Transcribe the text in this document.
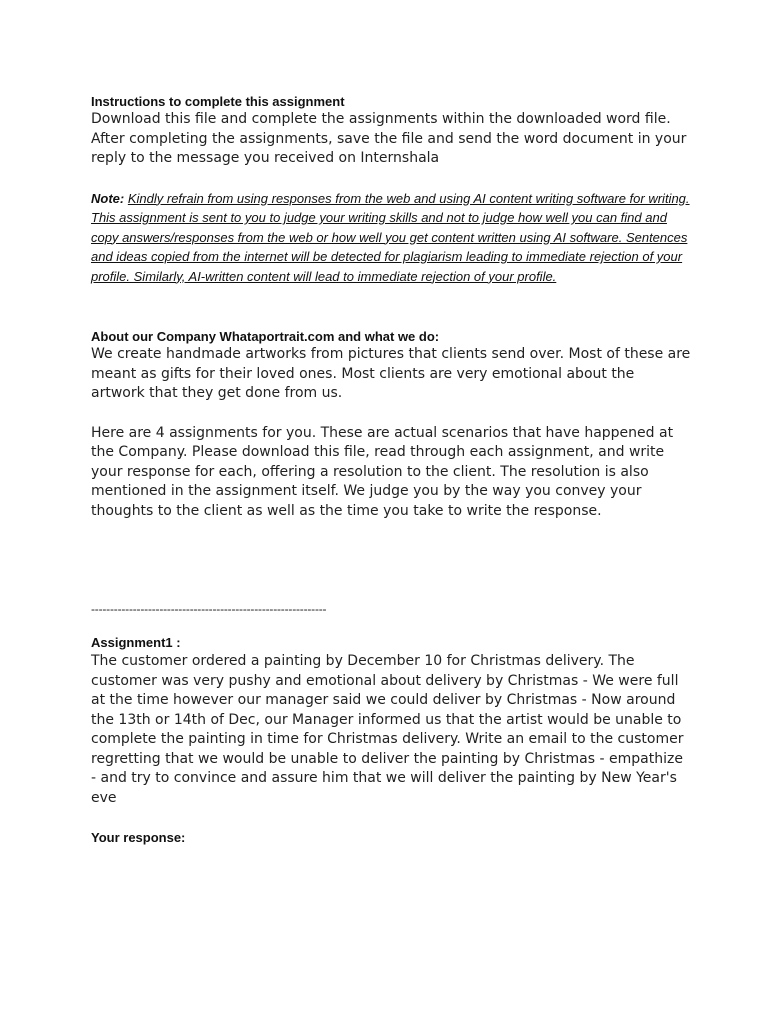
Instructions to complete this assignment

Download this file and complete the assignments within the downloaded word file. After completing the assignments, save the file and send the word document in your reply to the message you received on Internshala

Note: Kindly refrain from using responses from the web and using AI content writing software for writing. This assignment is sent to you to judge your writing skills and not to judge how well you can find and copy answers/responses from the web or how well you get content written using AI software. Sentences and ideas copied from the internet will be detected for plagiarism leading to immediate rejection of your profile. Similarly, AI-written content will lead to immediate rejection of your profile.

About our Company Whataportrait.com and what we do:

We create handmade artworks from pictures that clients send over. Most of these are meant as gifts for their loved ones. Most clients are very emotional about the artwork that they get done from us.

Here are 4 assignments for you. These are actual scenarios that have happened at the Company. Please download this file, read through each assignment, and write your response for each, offering a resolution to the client. The resolution is also mentioned in the assignment itself. We judge you by the way you convey your thoughts to the client as well as the time you take to write the response.

--------------------------------------------------------------

Assignment1 :

The customer ordered a painting by December 10 for Christmas delivery. The customer was very pushy and emotional about delivery by Christmas - We were full at the time however our manager said we could deliver by Christmas - Now around the 13th or 14th of Dec, our Manager informed us that the artist would be unable to complete the painting in time for Christmas delivery. Write an email to the customer regretting that we would be unable to deliver the painting by Christmas - empathize - and try to convince and assure him that we will deliver the painting by New Year's eve

Your response:
